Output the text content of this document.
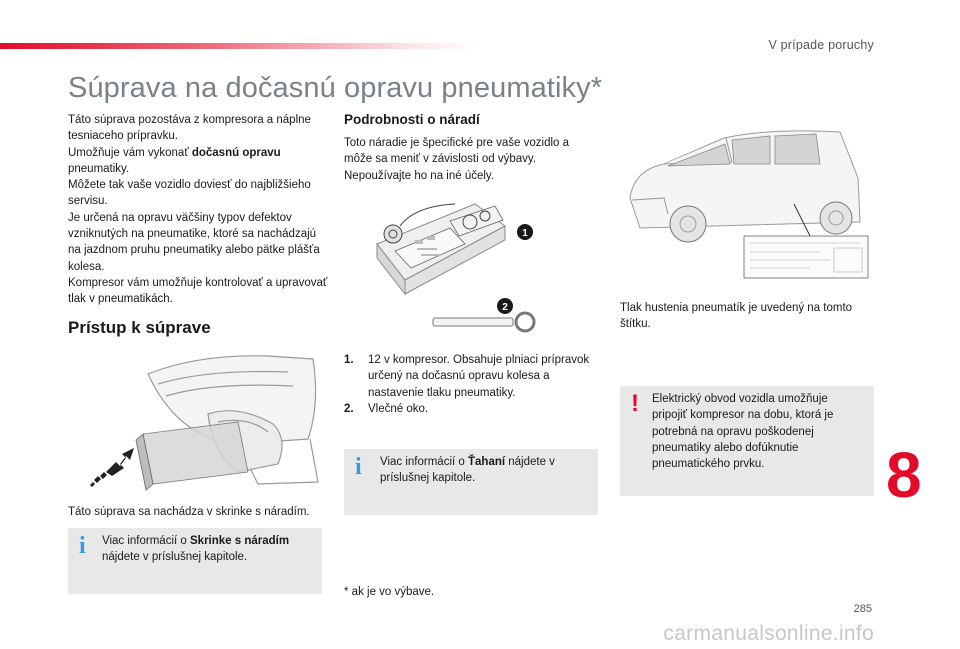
V prípade poruchy
Súprava na dočasnú opravu pneumatiky*

Táto súprava pozostáva z kompresora a náplne tesniaceho prípravku.

Umožňuje vám vykonať dočasnú opravu pneumatiky.

Môžete tak vaše vozidlo doviesť do najbližšieho servisu.

Je určená na opravu väčšiny typov defektov vzniknutých na pneumatike, ktoré sa nachádzajú na jazdnom pruhu pneumatiky alebo pätke plášťa kolesa.

Kompresor vám umožňuje kontrolovať a upravovať tlak v pneumatikách.

Prístup k súprave
Táto súprava sa nachádza v skrinke s náradím.
i Viac informácií o Skrinke s náradím nájdete v príslušnej kapitole.
Podrobnosti o náradí
Toto náradie je špecifické pre vaše vozidlo a môže sa meniť v závislosti od výbavy. Nepoužívajte ho na iné účely.
1
2
1.	12 v kompresor. Obsahuje plniaci prípravok určený na dočasnú opravu kolesa a nastavenie tlaku pneumatiky.
2.	Vlečné oko.
i Viac informácií o Ťahaní nájdete v príslušnej kapitole.
* ak je vo výbave.
Tlak hustenia pneumatík je uvedený na tomto štítku.
! Elektrický obvod vozidla umožňuje pripojiť kompresor na dobu, ktorá je potrebná na opravu poškodenej pneumatiky alebo dofúknutie pneumatického prvku.	8
285
carmanualsonline.info
